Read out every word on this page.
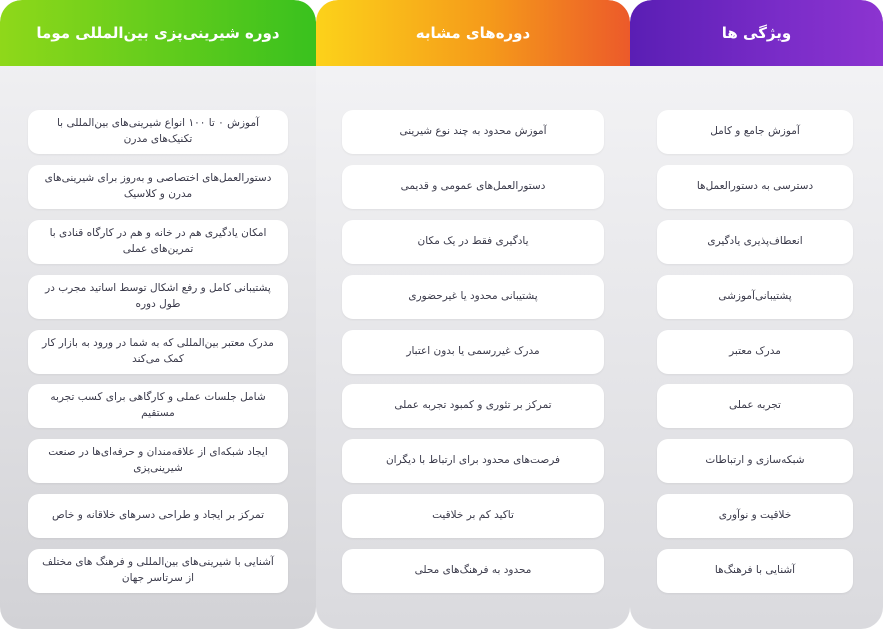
دوره شیرینی‌پزی بین‌المللی موما
آموزش ۰ تا ۱۰۰ انواع شیرینی‌های بین‌المللی با تکنیک‌های مدرن
دستورالعمل‌های اختصاصی و به‌روز برای شیرینی‌های مدرن و کلاسیک
امکان یادگیری هم در خانه و هم در کارگاه قنادی با تمرین‌های عملی
پشتیبانی کامل و رفع اشکال توسط اساتید مجرب در طول دوره
مدرک معتبر بین‌المللی که به شما در ورود به بازار کار کمک می‌کند
شامل جلسات عملی و کارگاهی برای کسب تجربه مستقیم
ایجاد شبکه‌ای از علاقه‌مندان و حرفه‌ای‌ها در صنعت شیرینی‌پزی
تمرکز بر ایجاد و طراحی دسرهای خلاقانه و خاص
آشنایی با شیرینی‌های بین‌المللی و فرهنگ های مختلف از سرتاسر جهان
دوره‌های مشابه
آموزش محدود به چند نوع شیرینی
دستورالعمل‌های عمومی و قدیمی
یادگیری فقط در یک مکان
پشتیبانی محدود یا غیرحضوری
مدرک غیررسمی یا بدون اعتبار
تمرکز بر تئوری و کمبود تجربه عملی
فرصت‌های محدود برای ارتباط با دیگران
تاکید کم بر خلاقیت
محدود به فرهنگ‌های محلی
ویژگی ها
آموزش جامع و کامل
دسترسی به دستورالعمل‌ها
انعطاف‌پذیری یادگیری
پشتیبانی‌آموزشی
مدرک معتبر
تجربه عملی
شبکه‌سازی و ارتباطات
خلاقیت و نوآوری
آشنایی با فرهنگ‌ها
